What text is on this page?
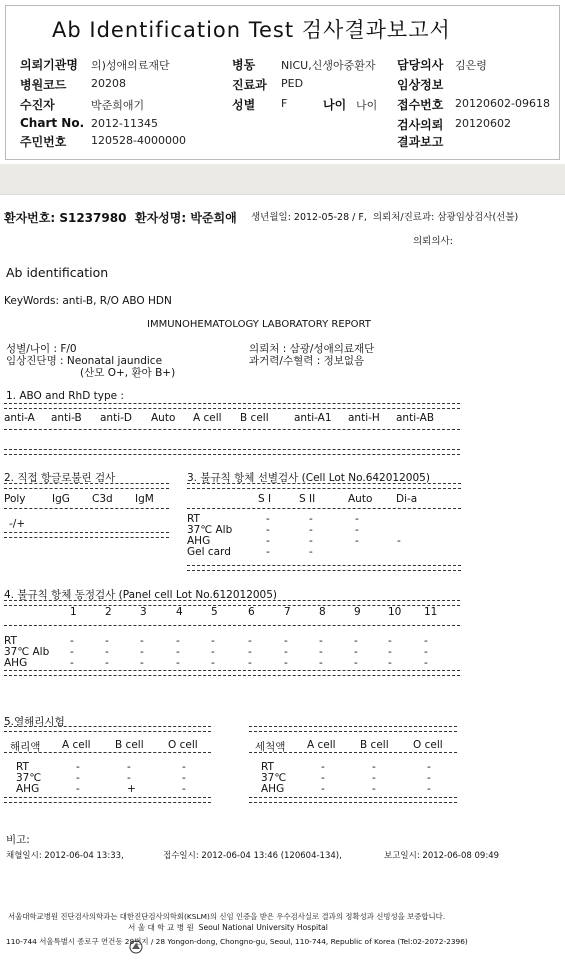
Ab Identification Test 검사결과보고서
의뢰기관명 의)성애의료재단	병동 NICU,신생아중환자 담당의사 김은령
병원코드 20208	진료과 PED	임상정보
수진자	박준희애기	성별 F	나이 나이 접수번호 20120602-09618
Chart No. 2012-11345	검사의뢰 20120602
주민번호 120528-4000000	결과보고
환자번호: S1237980 환자성명: 박준희애 생년월일: 2012-05-28 / F,  의뢰처/진료과: 삼광임상검사(선불)
의뢰의사:
Ab identification
KeyWords: anti-B, R/O ABO HDN
IMMUNOHEMATOLOGY LABORATORY REPORT
성별/나이 : F/0
임상진단명 : Neonatal jaundice
(산모 O+, 환아 B+)
의뢰처 : 삼광/성애의료재단
과거력/수혈력 : 정보없음
1. ABO and RhD type :
anti-A anti-B anti-D Auto A cell B cell anti-A1 anti-H anti-AB
2. 직접 항글로불린 검사
Poly	IgG C3d IgM
-/+
3. 불규칙 항체 선별검사 (Cell Lot No.642012005)
S I	S II	Auto Di-a
RT	-	-	-
37℃ Alb	-	-	-
AHG	-	-	-	-
Gel card	-	-
4. 불규칙 항체 동정검사 (Panel cell Lot No.612012005)
1	2	3	4	5	6	7	8	9	10 11
RT	-	-	-	-	-	-	-	-	-	-	-
37℃ Alb -	-	-	-	-	-	-	-	-	-	-
AHG	-	-	-	-	-	-	-	-	-	-	-
5.열해리시험
해리액 A cell B cell O cell
RT	-	-	-
37℃	-	-	-
AHG	-	+	-
세척액 A cell B cell O cell
RT	-	-	-
37℃	-	-	-
AHG	-	-	-
비고:
채혈일시: 2012-06-04 13:33,	접수일시: 2012-06-04 13:46 (120604-134),	보고일시: 2012-06-08 09:49
서울대학교병원 진단검사의학과는 대한진단검사의학회(KSLM)의 신임 인증을 받은 우수검사실로 결과의 정확성과 신빙성을 보증합니다.

서 울 대 학 교 병 원  Seoul National University Hospital
110-744 서울특별시 종로구 연건동 28번지 / 28 Yongon-dong, Chongno-gu, Seoul, 110-744, Republic of Korea (Tel:02-2072-2396)
